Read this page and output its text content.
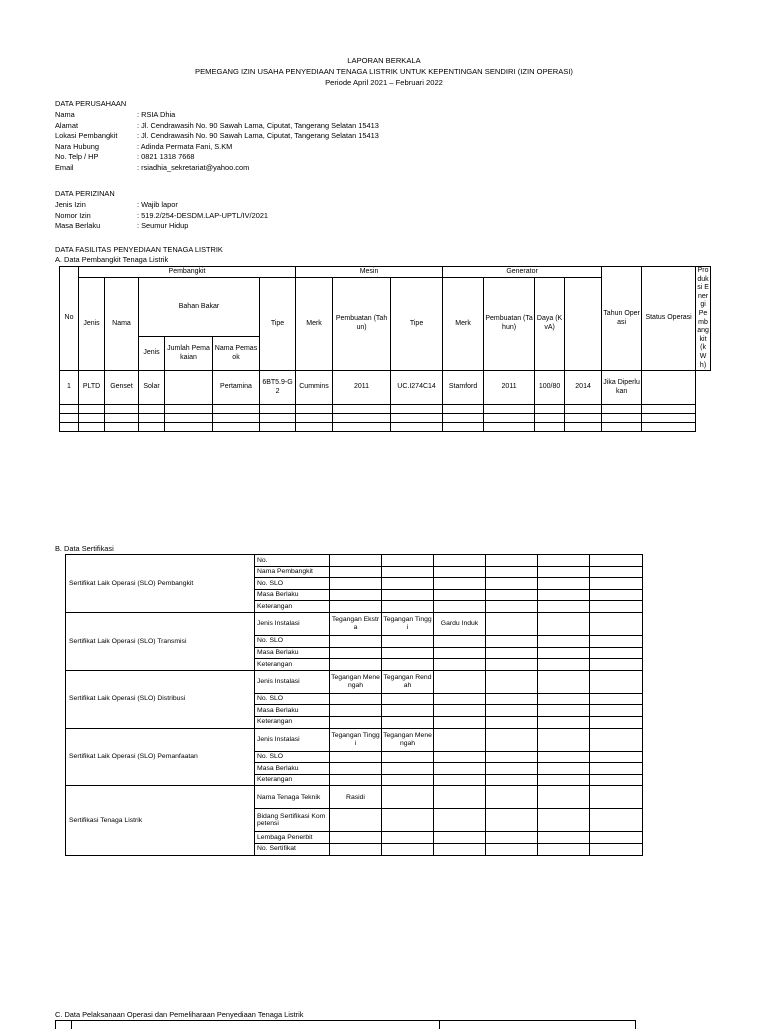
LAPORAN BERKALA
PEMEGANG IZIN USAHA PENYEDIAAN TENAGA LISTRIK UNTUK KEPENTINGAN SENDIRI (IZIN OPERASI)
Periode April 2021 – Februari 2022
DATA PERUSAHAAN
Nama	: RSIA Dhia
Alamat	: Jl. Cendrawasih No. 90 Sawah Lama, Ciputat, Tangerang Selatan 15413
Lokasi Pembangkit	: Jl. Cendrawasih No. 90 Sawah Lama, Ciputat, Tangerang Selatan 15413
Nara Hubung	: Adinda Permata Fani, S.KM
No. Telp / HP	: 0821 1318 7668
Email	: rsiadhia_sekretariat@yahoo.com
DATA PERIZINAN
Jenis Izin	: Wajib lapor
Nomor Izin	: 519.2/254-DESDM.LAP-UPTL/IV/2021
Masa Berlaku	: Seumur Hidup
DATA FASILITAS PENYEDIAAN TENAGA LISTRIK
A. Data Pembangkit Tenaga Listrik
No	Pembangkit						Mesin			Generator				Tahun Operasi	Status Operasi	Produksi Energi Pembangkit (kWh)
	Jenis	Nama	Bahan Bakar			Tipe	Merk	Pembuatan (Tahun)	Tipe	Merk	Pembuatan (Tahun)	Daya (KvA)				
			Jenis	Jumlah Pemakaian	Nama Pemasok											
1	PLTD	Genset	Solar		Pertamina	6BT5.9-G2	Cummins	2011	UC.I274C14	Stamford	2011	100/80	2014	Jika Diperlukan		

B. Data Sertifikasi
Sertifikat Laik Operasi (SLO) Pembangkit	No.						
	Nama Pembangkit						
	No. SLO						
	Masa Berlaku						
	Keterangan						
Sertifikat Laik Operasi (SLO) Transmisi	Jenis Instalasi	Tegangan Ekstra	Tegangan Tinggi	Gardu Induk			
	No. SLO						
	Masa Berlaku						
	Keterangan						
Sertifikat Laik Operasi (SLO) Distribusi	Jenis Instalasi	Tegangan Menengah	Tegangan Rendah				
	No. SLO						
	Masa Berlaku						
	Keterangan						
Sertifikat Laik Operasi (SLO) Pemanfaatan	Jenis Instalasi	Tegangan Tinggi	Tegangan Menengah				
	No. SLO						
	Masa Berlaku						
	Keterangan						
Sertifikasi Tenaga Listrik	Nama Tenaga Teknik	Rasidi					
	Bidang Sertifikasi Kompetensi						
	Lembaga Penerbit						
	No. Sertifikat						
C. Data Pelaksanaan Operasi dan Pemeliharaan Penyediaan Tenaga Listrik
